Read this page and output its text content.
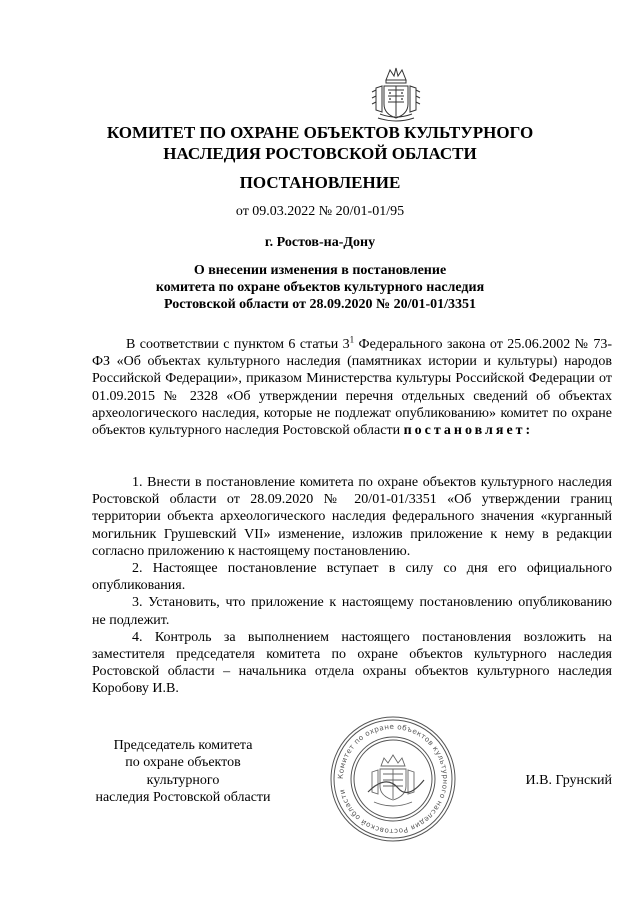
КОМИТЕТ ПО ОХРАНЕ ОБЪЕКТОВ КУЛЬТУРНОГО
НАСЛЕДИЯ РОСТОВСКОЙ ОБЛАСТИ
ПОСТАНОВЛЕНИЕ
от 09.03.2022 № 20/01-01/95
г. Ростов-на-Дону
О внесении изменения в постановление
комитета по охране объектов культурного наследия
Ростовской области от 28.09.2020 № 20/01-01/3351
В соответствии с пунктом 6 статьи $3^1$ Федерального закона от 25.06.2002 № 73-ФЗ «Об объектах культурного наследия (памятниках истории и культуры) народов Российской Федерации», приказом Министерства культуры Российской Федерации от 01.09.2015 № 2328 «Об утверждении перечня отдельных сведений об объектах археологического наследия, которые не подлежат опубликованию» комитет по охране объектов культурного наследия Ростовской области постановляет:

1. Внести в постановление комитета по охране объектов культурного наследия Ростовской области от 28.09.2020 № 20/01-01/3351 «Об утверждении границ территории объекта археологического наследия федерального значения «курганный могильник Грушевский VII» изменение, изложив приложение к нему в редакции согласно приложению к настоящему постановлению.

2. Настоящее постановление вступает в силу со дня его официального опубликования.

3. Установить, что приложение к настоящему постановлению опубликованию не подлежит.

4. Контроль за выполнением настоящего постановления возложить на заместителя председателя комитета по охране объектов культурного наследия Ростовской области – начальника отдела охраны объектов культурного наследия Коробову И.В.

Председатель комитета
по охране объектов культурного
наследия Ростовской области
Комитет по охране объектов культурного наследия Ростовской области
И.В. Грунский
